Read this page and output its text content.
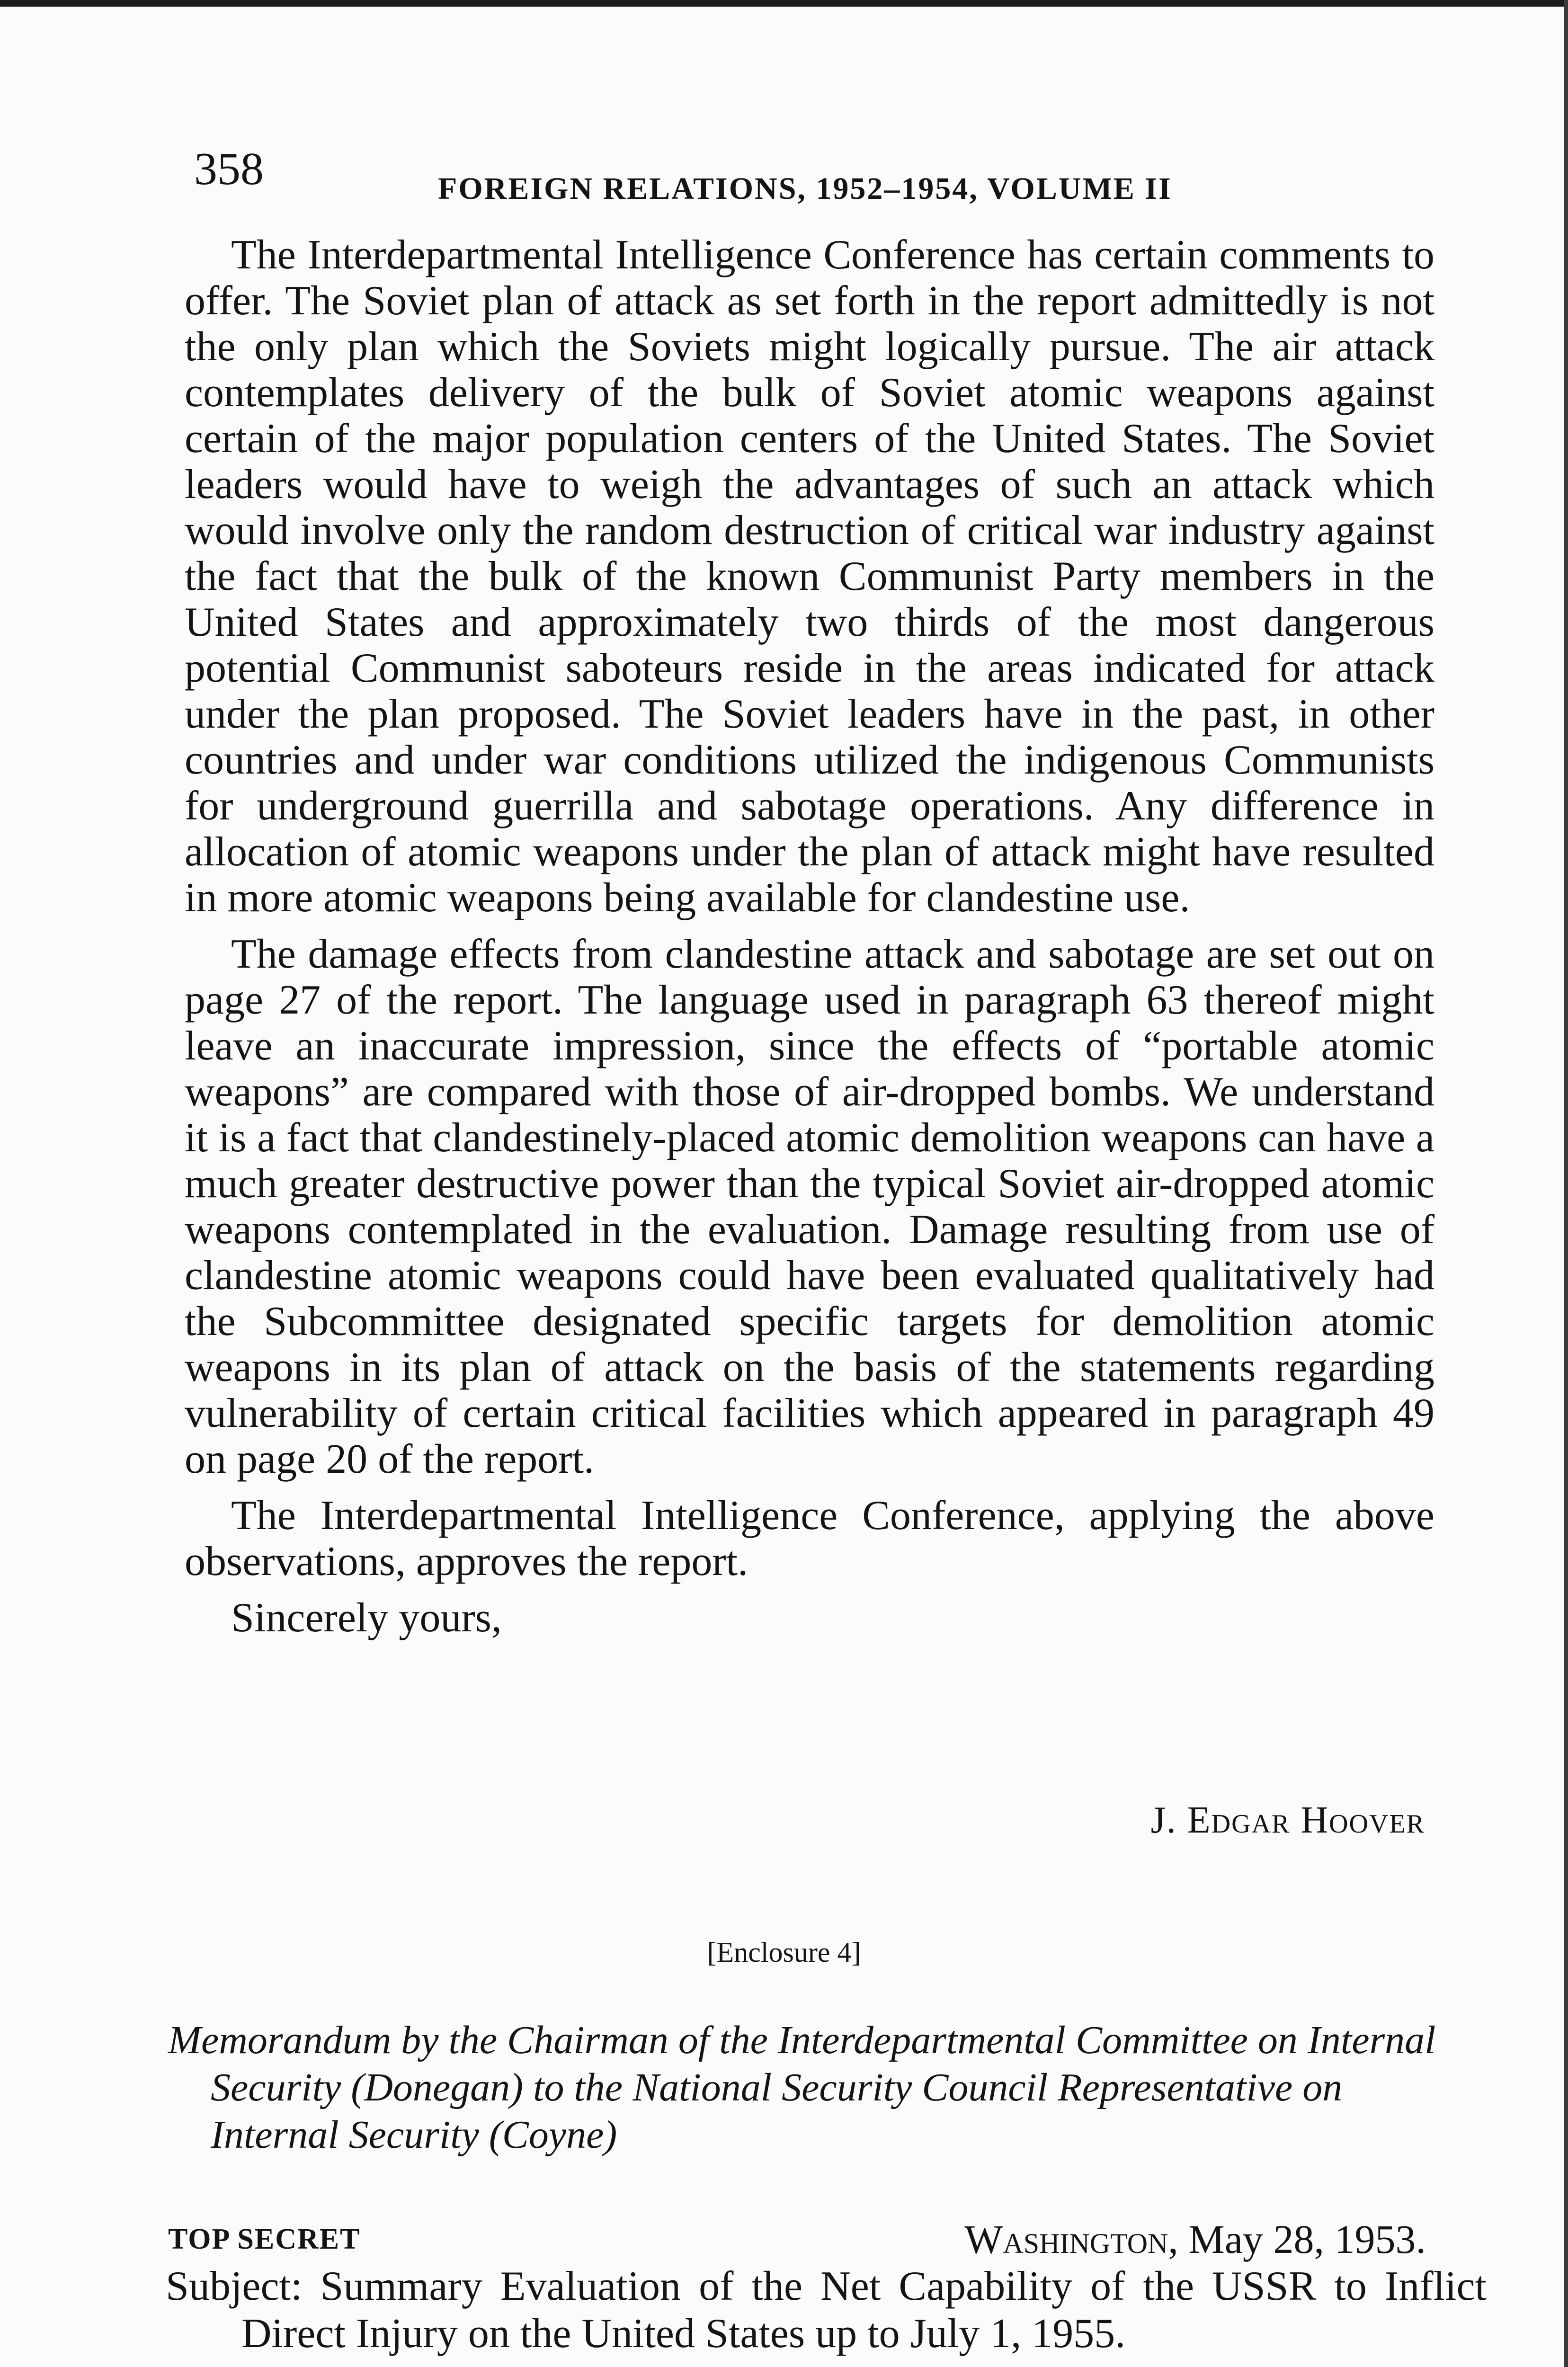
358	FOREIGN RELATIONS, 1952–1954, VOLUME II

The Interdepartmental Intelligence Conference has certain comments to offer. The Soviet plan of attack as set forth in the report admittedly is not the only plan which the Soviets might logically pursue. The air attack contemplates delivery of the bulk of Soviet atomic weapons against certain of the major population centers of the United States. The Soviet leaders would have to weigh the advantages of such an attack which would involve only the random destruction of critical war industry against the fact that the bulk of the known Communist Party members in the United States and approximately two thirds of the most dangerous potential Communist saboteurs reside in the areas indicated for attack under the plan proposed. The Soviet leaders have in the past, in other countries and under war conditions utilized the indigenous Communists for underground guerrilla and sabotage operations. Any difference in allocation of atomic weapons under the plan of attack might have resulted in more atomic weapons being available for clandestine use.

The damage effects from clandestine attack and sabotage are set out on page 27 of the report. The language used in paragraph 63 thereof might leave an inaccurate impression, since the effects of “portable atomic weapons” are compared with those of air-dropped bombs. We understand it is a fact that clandestinely-placed atomic demolition weapons can have a much greater destructive power than the typical Soviet air-dropped atomic weapons contemplated in the evaluation. Damage resulting from use of clandestine atomic weapons could have been evaluated qualitatively had the Subcommittee designated specific targets for demolition atomic weapons in its plan of attack on the basis of the statements regarding vulnerability of certain critical facilities which appeared in paragraph 49 on page 20 of the report.

The Interdepartmental Intelligence Conference, applying the above observations, approves the report.

Sincerely yours,

J. Edgar Hoover
[Enclosure 4]
Memorandum by the Chairman of the Interdepartmental Committee on Internal Security (Donegan) to the National Security Council Representative on Internal Security (Coyne)
TOP SECRET	Washington, May 28, 1953.
Subject: Summary Evaluation of the Net Capability of the USSR to Inflict Direct Injury on the United States up to July 1, 1955.
